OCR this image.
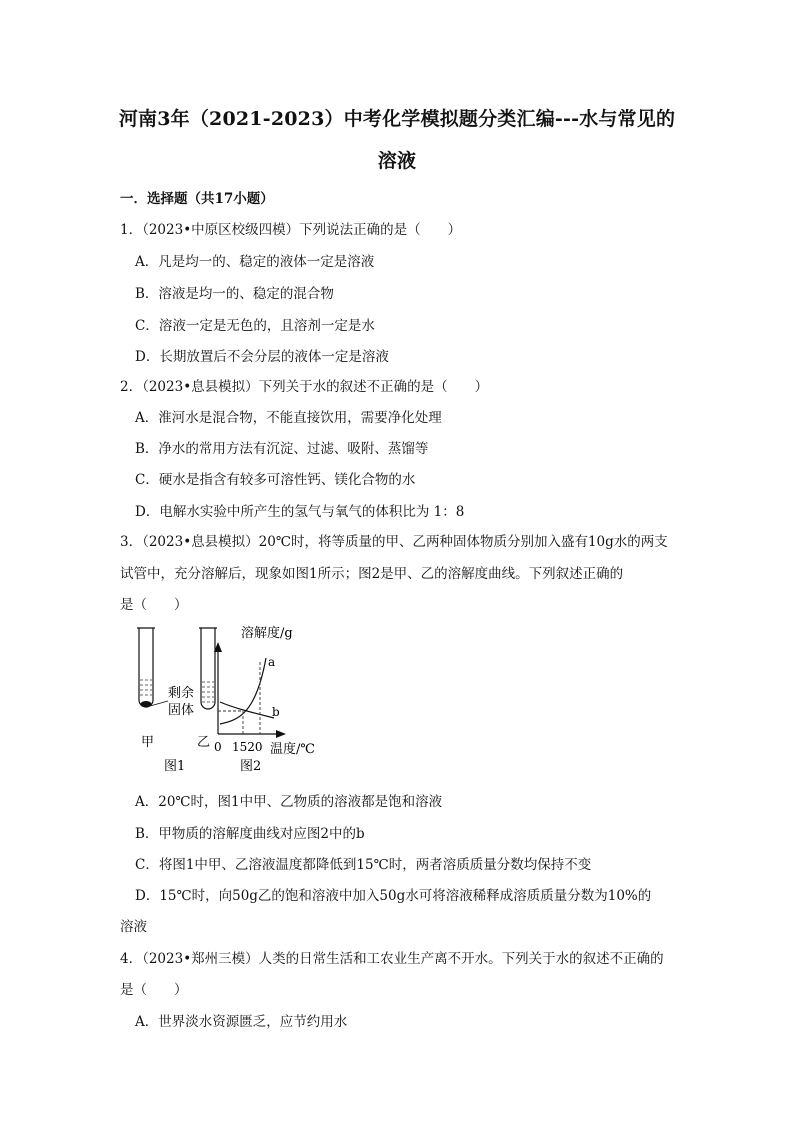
河南3年（2021-2023）中考化学模拟题分类汇编---水与常见的
溶液
一．选择题（共17小题）
1．（2023•中原区校级四模）下列说法正确的是（　　）
A．凡是均一的、稳定的液体一定是溶液
B．溶液是均一的、稳定的混合物
C．溶液一定是无色的，且溶剂一定是水
D．长期放置后不会分层的液体一定是溶液
2．（2023•息县模拟）下列关于水的叙述不正确的是（　　）
A．淮河水是混合物，不能直接饮用，需要净化处理
B．净水的常用方法有沉淀、过滤、吸附、蒸馏等
C．硬水是指含有较多可溶性钙、镁化合物的水
D．电解水实验中所产生的氢气与氧气的体积比为 1：8
3．（2023•息县模拟）20℃时，将等质量的甲、乙两种固体物质分别加入盛有10g水的两支
试管中，充分溶解后，现象如图1所示；图2是甲、乙的溶解度曲线。下列叙述正确的
是（　　）
剩余
固体
甲	乙
图1
溶解度/g
a
b
0 1520 温度/℃
图2
A．20℃时，图1中甲、乙物质的溶液都是饱和溶液
B．甲物质的溶解度曲线对应图2中的b
C．将图1中甲、乙溶液温度都降低到15℃时，两者溶质质量分数均保持不变
D．15℃时，向50g乙的饱和溶液中加入50g水可将溶液稀释成溶质质量分数为10%的
溶液
4．（2023•郑州三模）人类的日常生活和工农业生产离不开水。下列关于水的叙述不正确的
是（　　）
A．世界淡水资源匮乏，应节约用水
